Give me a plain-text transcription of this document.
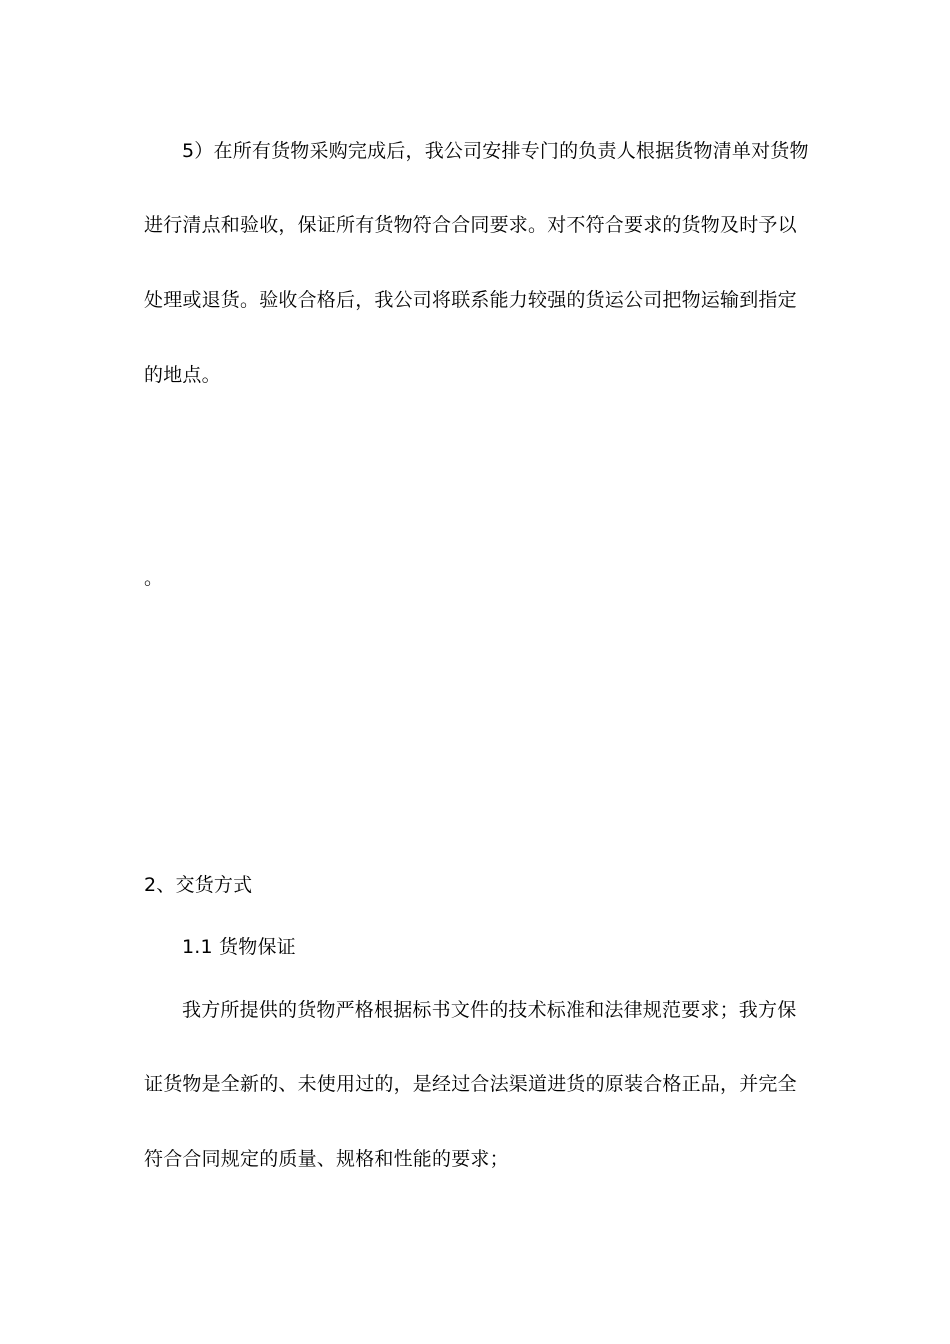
5）在所有货物采购完成后，我公司安排专门的负责人根据货物清单对货物
进行清点和验收，保证所有货物符合合同要求。对不符合要求的货物及时予以
处理或退货。验收合格后，我公司将联系能力较强的货运公司把物运输到指定
的地点。
。
2、交货方式
1.1 货物保证
我方所提供的货物严格根据标书文件的技术标准和法律规范要求；我方保
证货物是全新的、未使用过的，是经过合法渠道进货的原装合格正品，并完全
符合合同规定的质量、规格和性能的要求；
